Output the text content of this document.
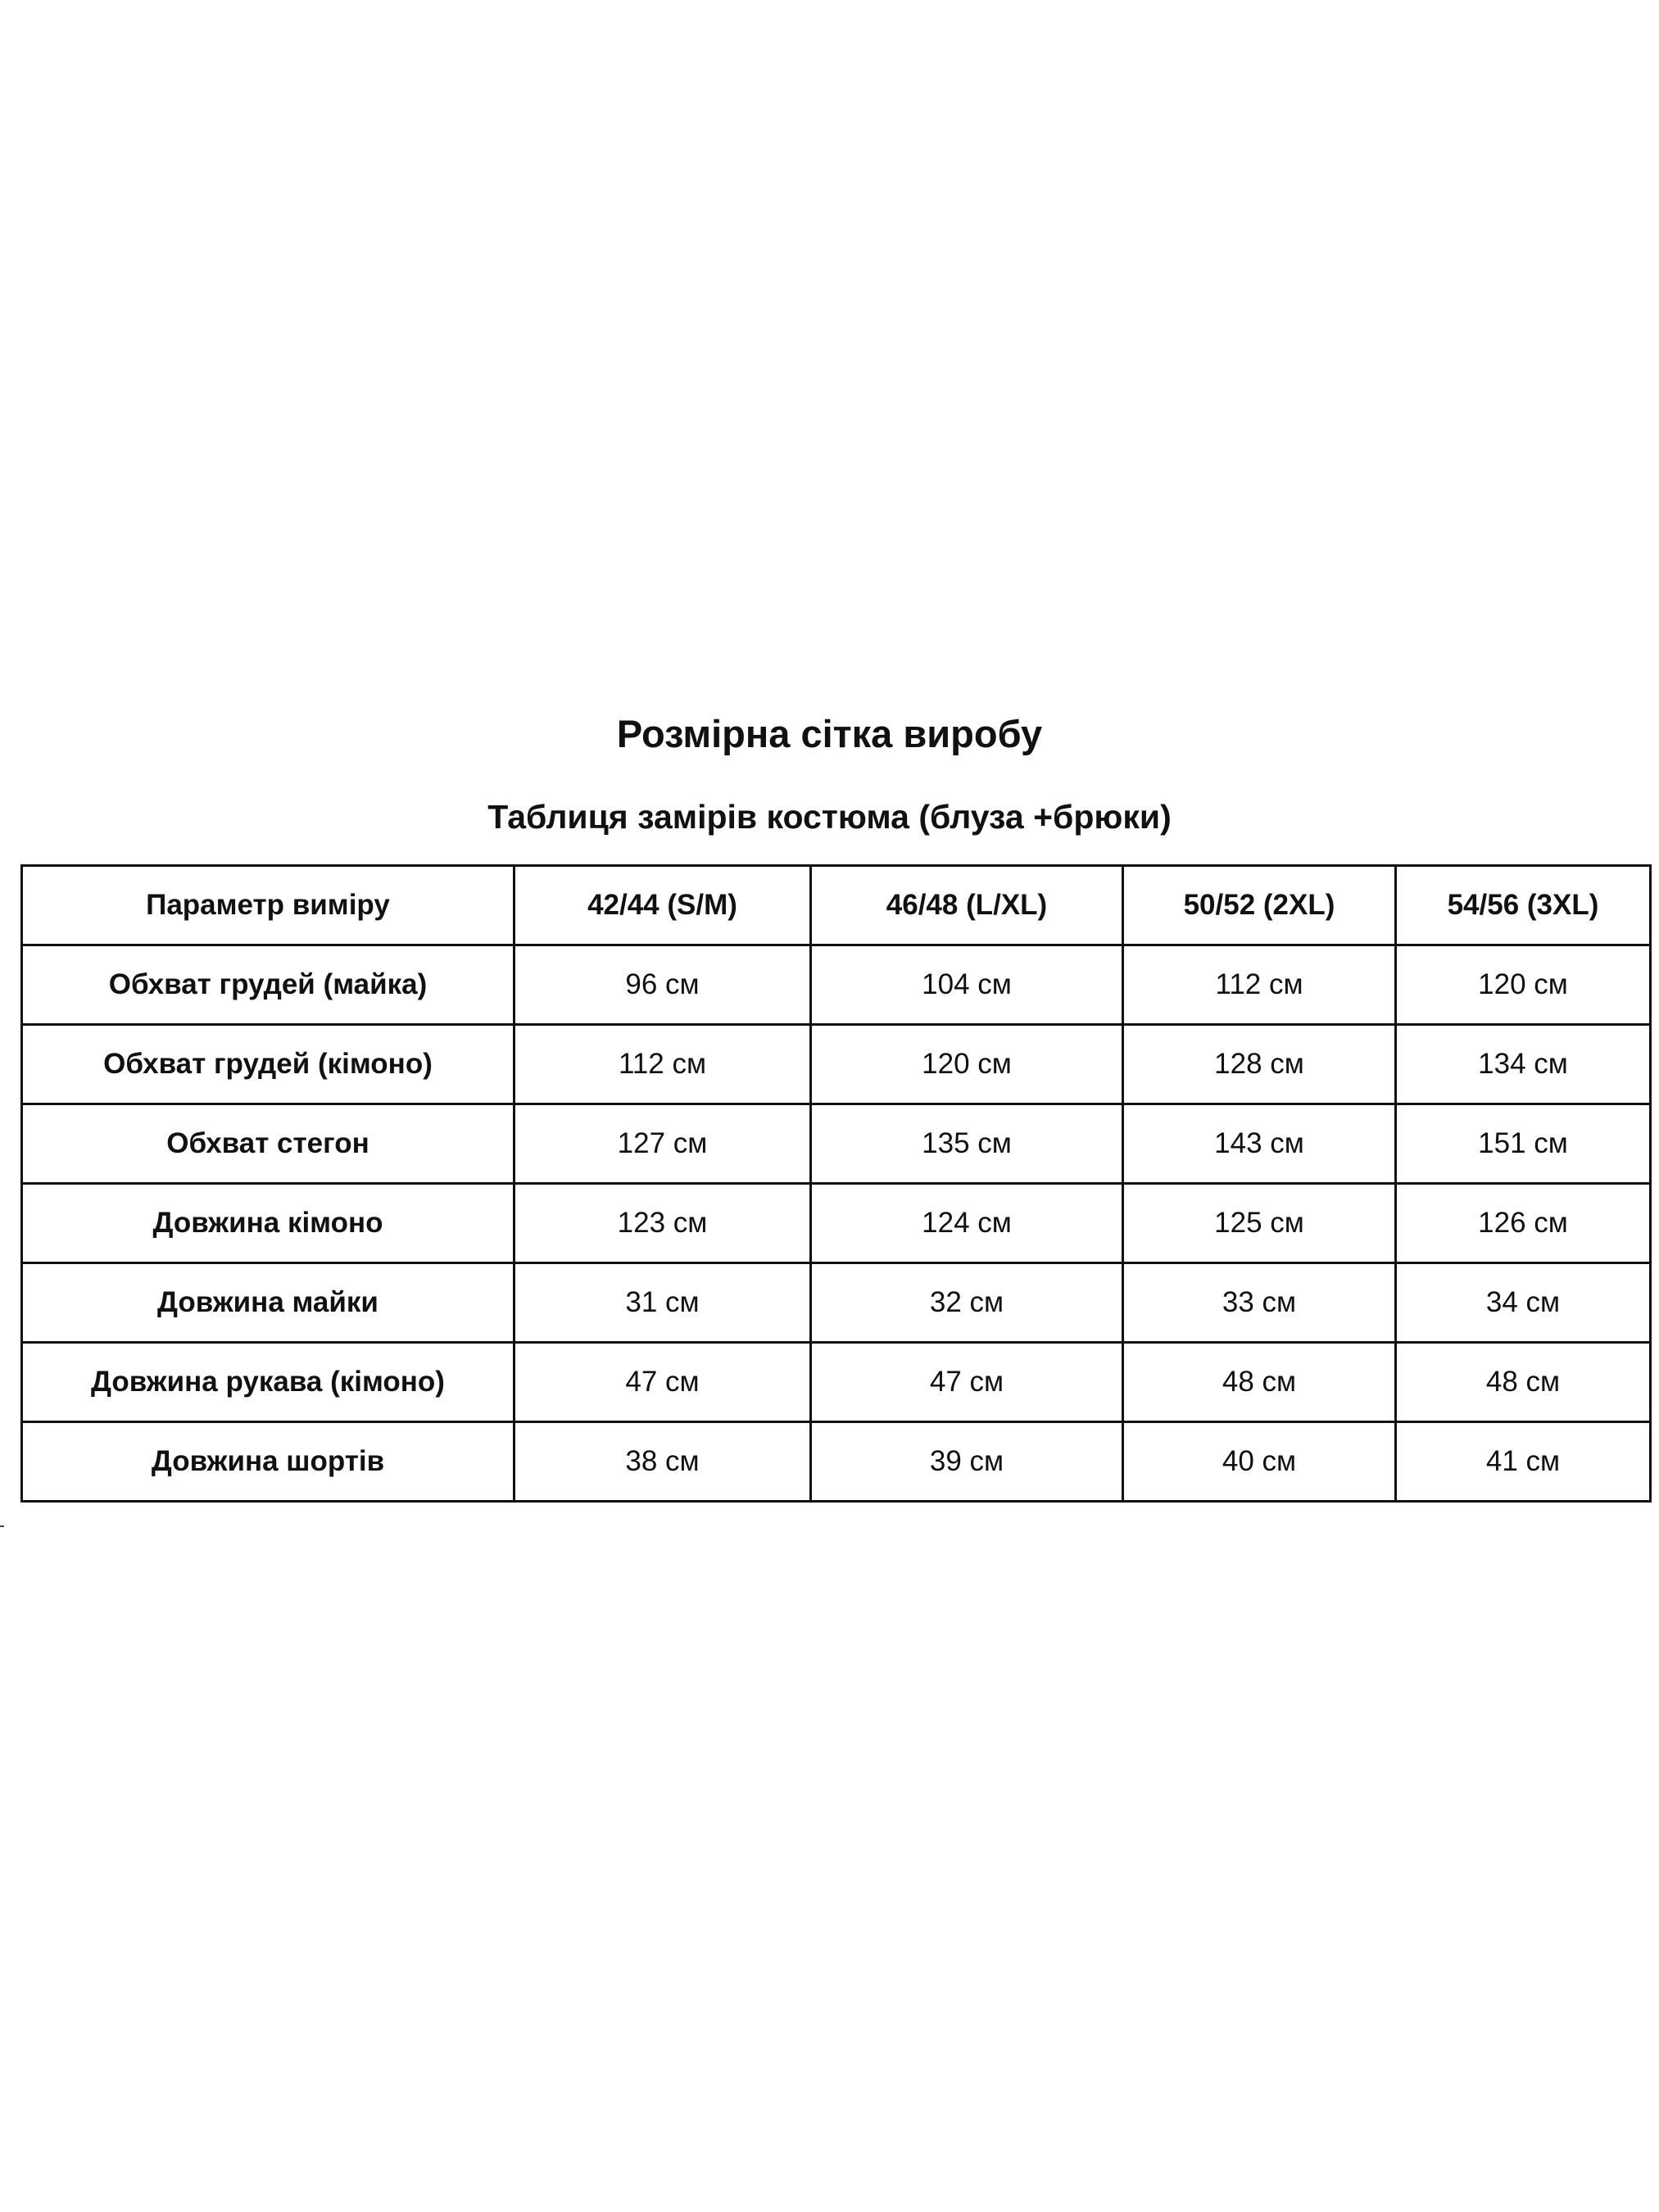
Розмірна сітка виробу
Таблиця замірів костюма (блуза +брюки)
Параметр виміру	42/44 (S/M)	46/48 (L/XL)	50/52 (2XL)	54/56 (3XL)
Обхват грудей (майка)	96 см	104 см	112 см	120 см
Обхват грудей (кімоно)	112 см	120 см	128 см	134 см
Обхват стегон	127 см	135 см	143 см	151 см
Довжина кімоно	123 см	124 см	125 см	126 см
Довжина майки	31 см	32 см	33 см	34 см
Довжина рукава (кімоно)	47 см	47 см	48 см	48 см
Довжина шортів	38 см	39 см	40 см	41 см
